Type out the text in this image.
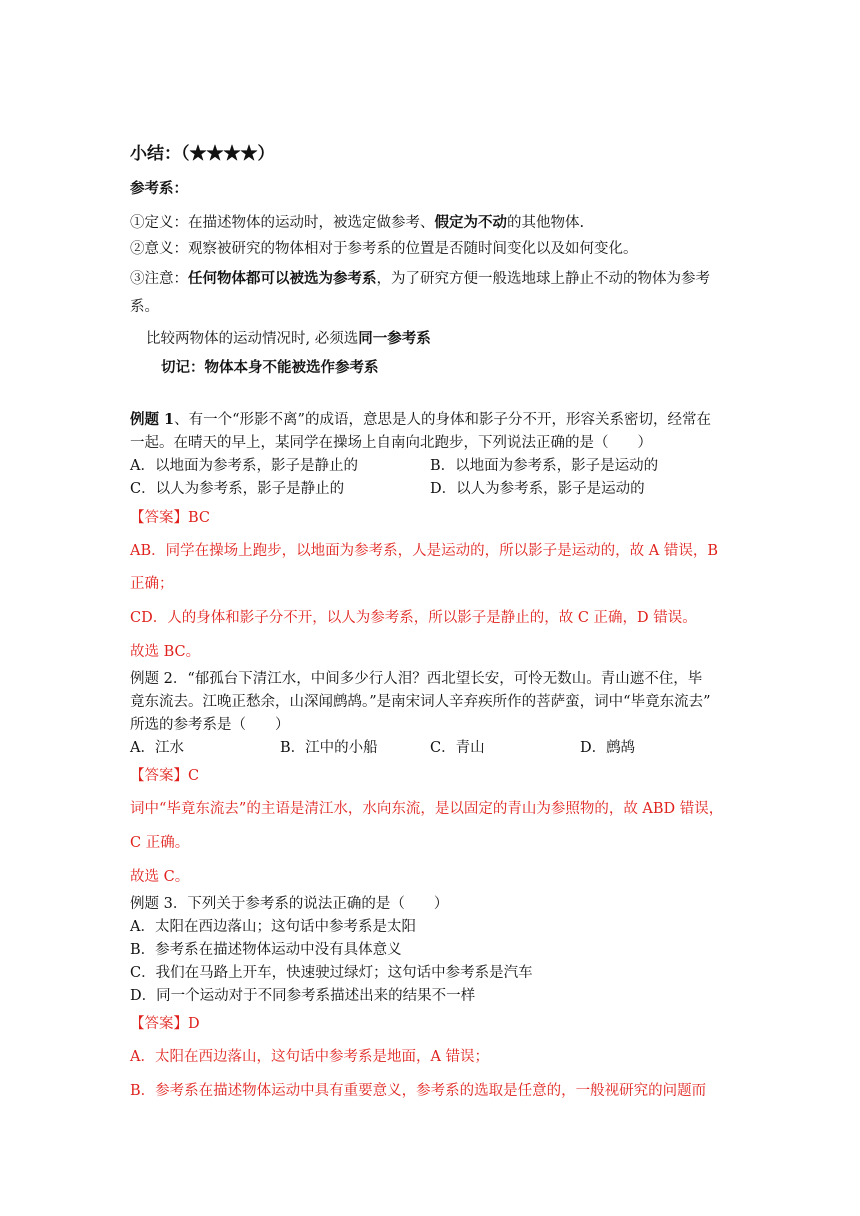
小结：（★★★★）
参考系：
①定义：在描述物体的运动时，被选定做参考、假定为不动的其他物体.
②意义：观察被研究的物体相对于参考系的位置是否随时间变化以及如何变化。
③注意：任何物体都可以被选为参考系，为了研究方便一般选地球上静止不动的物体为参考
系。
比较两物体的运动情况时, 必须选同一参考系
切记：物体本身不能被选作参考系
例题 1、有一个“形影不离”的成语，意思是人的身体和影子分不开，形容关系密切，经常在
一起。在晴天的早上，某同学在操场上自南向北跑步，下列说法正确的是（　　）
A．以地面为参考系，影子是静止的	B．以地面为参考系，影子是运动的
C．以人为参考系，影子是静止的	D．以人为参考系，影子是运动的
【答案】BC
AB．同学在操场上跑步，以地面为参考系，人是运动的，所以影子是运动的，故 A 错误，B
正确；
CD．人的身体和影子分不开，以人为参考系，所以影子是静止的，故 C 正确，D 错误。
故选 BC。
例题 2．“郁孤台下清江水，中间多少行人泪？西北望长安，可怜无数山。青山遮不住，毕
竟东流去。江晚正愁余，山深闻鹧鸪。”是南宋词人辛弃疾所作的菩萨蛮，词中“毕竟东流去”
所选的参考系是（　　）
A．江水	B．江中的小船	C．青山	D．鹧鸪
【答案】C
词中“毕竟东流去”的主语是清江水，水向东流，是以固定的青山为参照物的，故 ABD 错误，
C 正确。
故选 C。
例题 3．下列关于参考系的说法正确的是（　　）
A．太阳在西边落山；这句话中参考系是太阳
B．参考系在描述物体运动中没有具体意义
C．我们在马路上开车，快速驶过绿灯；这句话中参考系是汽车
D．同一个运动对于不同参考系描述出来的结果不一样
【答案】D
A．太阳在西边落山，这句话中参考系是地面，A 错误；
B．参考系在描述物体运动中具有重要意义，参考系的选取是任意的，一般视研究的问题而
